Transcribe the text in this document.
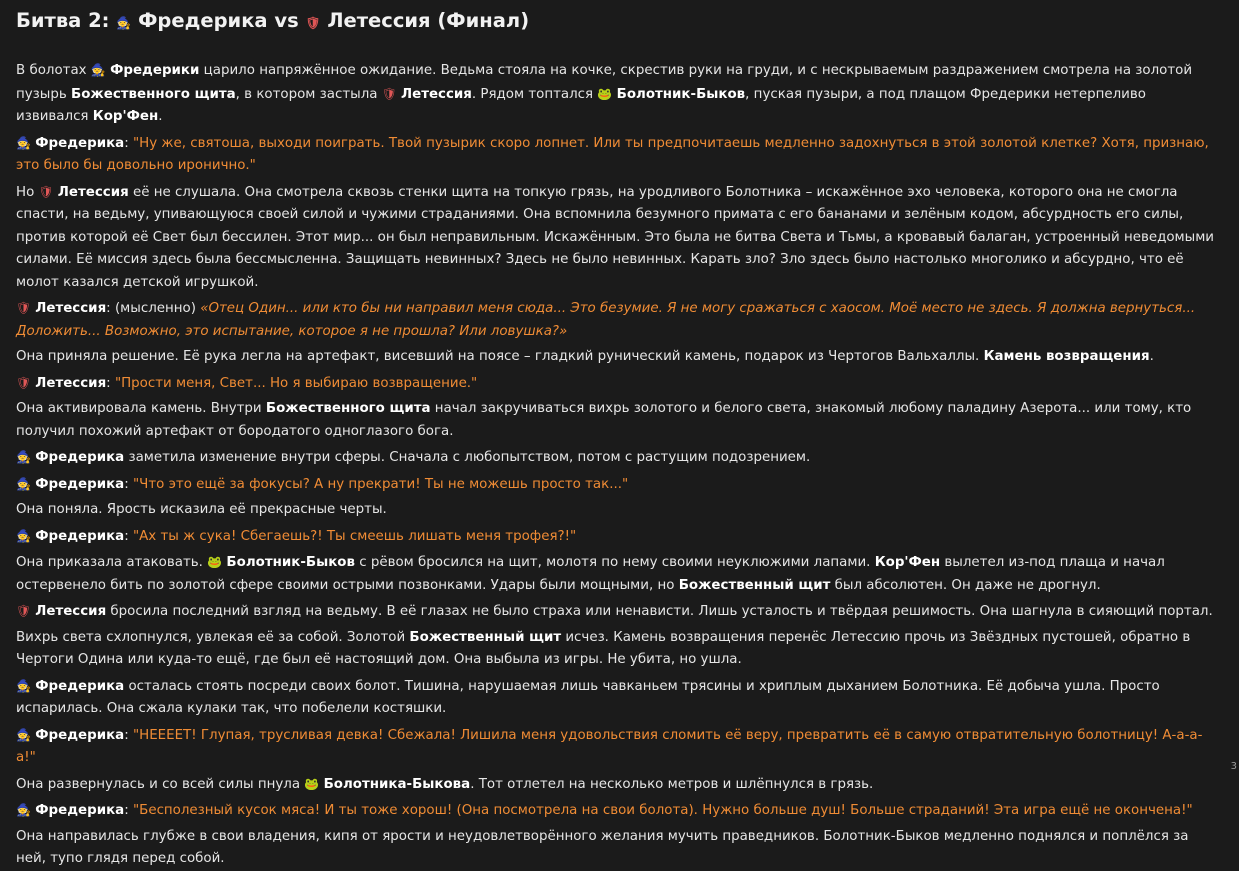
Битва 2: 🧙 Фредерика vs 🛡 Летессия (Финал)

В болотах 🧙 Фредерики царило напряжённое ожидание. Ведьма стояла на кочке, скрестив руки на груди, и с нескрываемым раздражением смотрела на золотой пузырь Божественного щита, в котором застыла 🛡 Летессия. Рядом топтался 🐸 Болотник-Быков, пуская пузыри, а под плащом Фредерики нетерпеливо извивался Кор'Фен.

🧙 Фредерика: "Ну же, святоша, выходи поиграть. Твой пузырик скоро лопнет. Или ты предпочитаешь медленно задохнуться в этой золотой клетке? Хотя, признаю, это было бы довольно иронично."

Но 🛡 Летессия её не слушала. Она смотрела сквозь стенки щита на топкую грязь, на уродливого Болотника – искажённое эхо человека, которого она не смогла спасти, на ведьму, упивающуюся своей силой и чужими страданиями. Она вспомнила безумного примата с его бананами и зелёным кодом, абсурдность его силы, против которой её Свет был бессилен. Этот мир... он был неправильным. Искажённым. Это была не битва Света и Тьмы, а кровавый балаган, устроенный неведомыми силами. Её миссия здесь была бессмысленна. Защищать невинных? Здесь не было невинных. Карать зло? Зло здесь было настолько многолико и абсурдно, что её молот казался детской игрушкой.

🛡 Летессия: (мысленно) «Отец Один... или кто бы ни направил меня сюда... Это безумие. Я не могу сражаться с хаосом. Моё место не здесь. Я должна вернуться... Доложить... Возможно, это испытание, которое я не прошла? Или ловушка?»

Она приняла решение. Её рука легла на артефакт, висевший на поясе – гладкий рунический камень, подарок из Чертогов Вальхаллы. Камень возвращения.

🛡 Летессия: "Прости меня, Свет... Но я выбираю возвращение."

Она активировала камень. Внутри Божественного щита начал закручиваться вихрь золотого и белого света, знакомый любому паладину Азерота... или тому, кто получил похожий артефакт от бородатого одноглазого бога.

🧙 Фредерика заметила изменение внутри сферы. Сначала с любопытством, потом с растущим подозрением.

🧙 Фредерика: "Что это ещё за фокусы? А ну прекрати! Ты не можешь просто так..."

Она поняла. Ярость исказила её прекрасные черты.

🧙 Фредерика: "Ах ты ж сука! Сбегаешь?! Ты смеешь лишать меня трофея?!"

Она приказала атаковать. 🐸 Болотник-Быков с рёвом бросился на щит, молотя по нему своими неуклюжими лапами. Кор'Фен вылетел из-под плаща и начал остервенело бить по золотой сфере своими острыми позвонками. Удары были мощными, но Божественный щит был абсолютен. Он даже не дрогнул.

🛡 Летессия бросила последний взгляд на ведьму. В её глазах не было страха или ненависти. Лишь усталость и твёрдая решимость. Она шагнула в сияющий портал.

Вихрь света схлопнулся, увлекая её за собой. Золотой Божественный щит исчез. Камень возвращения перенёс Летессию прочь из Звёздных пустошей, обратно в Чертоги Одина или куда-то ещё, где был её настоящий дом. Она выбыла из игры. Не убита, но ушла.

🧙 Фредерика осталась стоять посреди своих болот. Тишина, нарушаемая лишь чавканьем трясины и хриплым дыханием Болотника. Её добыча ушла. Просто испарилась. Она сжала кулаки так, что побелели костяшки.

🧙 Фредерика: "НЕЕЕЕТ! Глупая, трусливая девка! Сбежала! Лишила меня удовольствия сломить её веру, превратить её в самую отвратительную болотницу! А-а-а-а!"

Она развернулась и со всей силы пнула 🐸 Болотника-Быкова. Тот отлетел на несколько метров и шлёпнулся в грязь.

🧙 Фредерика: "Бесполезный кусок мяса! И ты тоже хорош! (Она посмотрела на свои болота). Нужно больше душ! Больше страданий! Эта игра ещё не окончена!"

Она направилась глубже в свои владения, кипя от ярости и неудовлетворённого желания мучить праведников. Болотник-Быков медленно поднялся и поплёлся за ней, тупо глядя перед собой.	3
